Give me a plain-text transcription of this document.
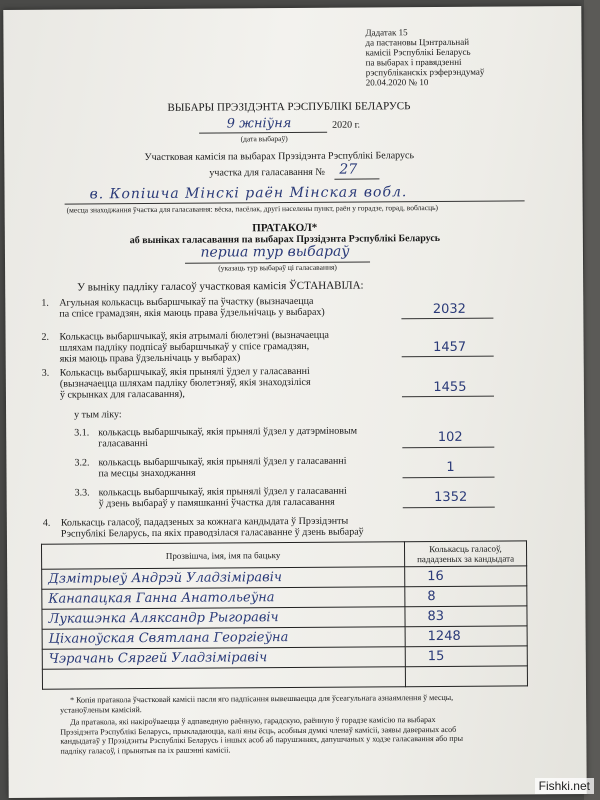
Дадатак 15
да пастановы Цэнтральнай
камісіі Рэспублікі Беларусь
па выбарах і правядзенні
рэспубліканскіх рэферэндумаў
20.04.2020 № 10
ВЫБАРЫ ПРЭЗІДЭНТА РЭСПУБЛІКІ БЕЛАРУСЬ
9 жніўня	2020 г.
(дата выбараў)
Участковая камісія па выбарах Прэзідэнта Рэспублікі Беларусь
участка для галасавання № 27
в. Копішча Мінскі раён Мінская вобл.
(месца знаходжання ўчастка для галасавання: вёска, пасёлак, другі населены пункт, раён у горадзе, горад, вобласць)
ПРАТАКОЛ*
аб выніках галасавання па выбарах Прэзідэнта Рэспублікі Беларусь
перша тур выбараў
(указаць тур выбараў ці галасавання)
У выніку падліку галасоў участковая камісія ЎСТАНАВІЛА:
1. Агульная колькасць выбаршчыкаў па ўчастку (вызначаецца
па спісе грамадзян, якія маюць права ўдзельнічаць у выбарах)	2032
2. Колькасць выбаршчыкаў, якія атрымалі бюлетэні (вызначаецца
шляхам падліку подпісаў выбаршчыкаў у спісе грамадзян,
якія маюць права ўдзельнічаць у выбарах)
1457
3. Колькасць выбаршчыкаў, якія прынялі ўдзел у галасаванні
(вызначаецца шляхам падліку бюлетэняў, якія знаходзіліся
ў скрынках для галасавання),	1455
у тым ліку:
3.1. колькасць выбаршчыкаў, якія прынялі ўдзел у датэрміновым
галасаванні	102
3.2. колькасць выбаршчыкаў, якія прынялі ўдзел у галасаванні
па месцы знаходжання	1
3.3. колькасць выбаршчыкаў, якія прынялі ўдзел у галасаванні
ў дзень выбараў у памяшканні ўчастка для галасавання	1352
4. Колькасць галасоў, пададзеных за кожнага кандыдата ў Прэзідэнты
Рэспублікі Беларусь, па якіх праводзілася галасаванне ў дзень выбараў
Прозвішча, імя, імя па бацьку	Колькасць галасоў,
пададзеных за кандыдата

Дзмітрыеў Андрэй Уладзіміравіч	16
Канапацкая Ганна Анатольеўна	8
Лукашэнка Аляксандр Рыгоравіч	83
Ціханоўская Святлана Георгіеўна	1248
Чэрачань Сяргей Уладзіміравіч	15

* Копія пратакола ўчастковай камісіі пасля яго падпісання вывешваецца для ўсеагульнага азнаямлення ў месцы,
устаноўленым камісіяй.
Да пратакола, які накіроўваецца ў адпаведную раённую, гарадскую, раённую ў горадзе камісію па выбарах
Прэзідэнта Рэспублікі Беларусь, прыкладаюцца, калі яны ёсць, асобныя думкі членаў камісіі, заявы даверaных асоб
кандыдатаў у Прэзідэнты Рэспублікі Беларусь і іншых асоб аб парушэннях, дапушчаных у ходзе галасавання або пры
падліку галасоў, і прынятыя па іх рашэнні камісіі.
Fishki.net
